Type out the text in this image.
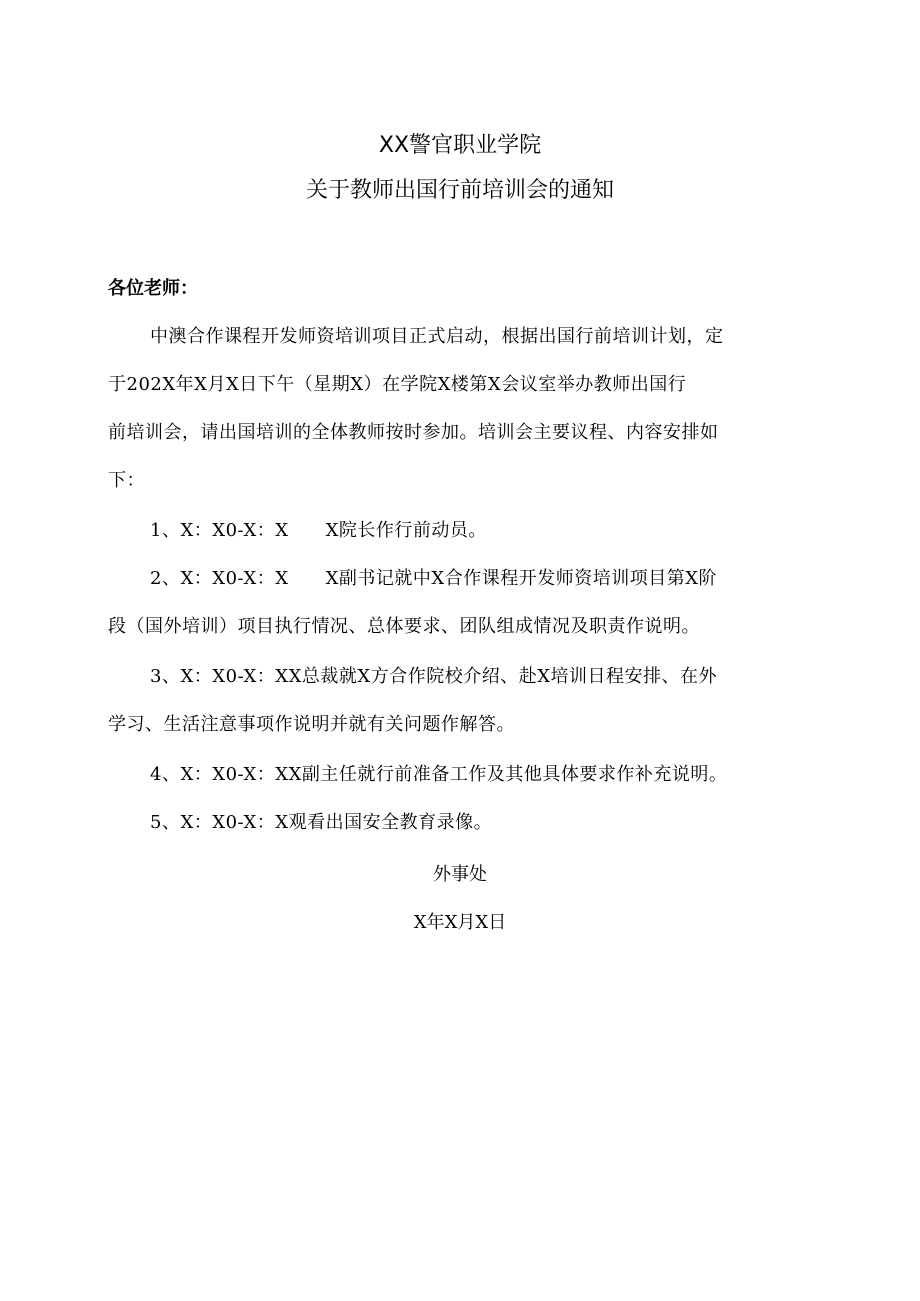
XX警官职业学院
关于教师出国行前培训会的通知
各位老师：
中澳合作课程开发师资培训项目正式启动，根据出国行前培训计划，定
于202X年X月X日下午（星期X）在学院X楼第X会议室举办教师出国行
前培训会，请出国培训的全体教师按时参加。培训会主要议程、内容安排如
下：
1、X：X0-X：X　　X院长作行前动员。
2、X：X0-X：X　　X副书记就中X合作课程开发师资培训项目第X阶
段（国外培训）项目执行情况、总体要求、团队组成情况及职责作说明。
3、X：X0-X：XX总裁就X方合作院校介绍、赴X培训日程安排、在外
学习、生活注意事项作说明并就有关问题作解答。
4、X：X0-X：XX副主任就行前准备工作及其他具体要求作补充说明。
5、X：X0-X：X观看出国安全教育录像。
外事处
X年X月X日
